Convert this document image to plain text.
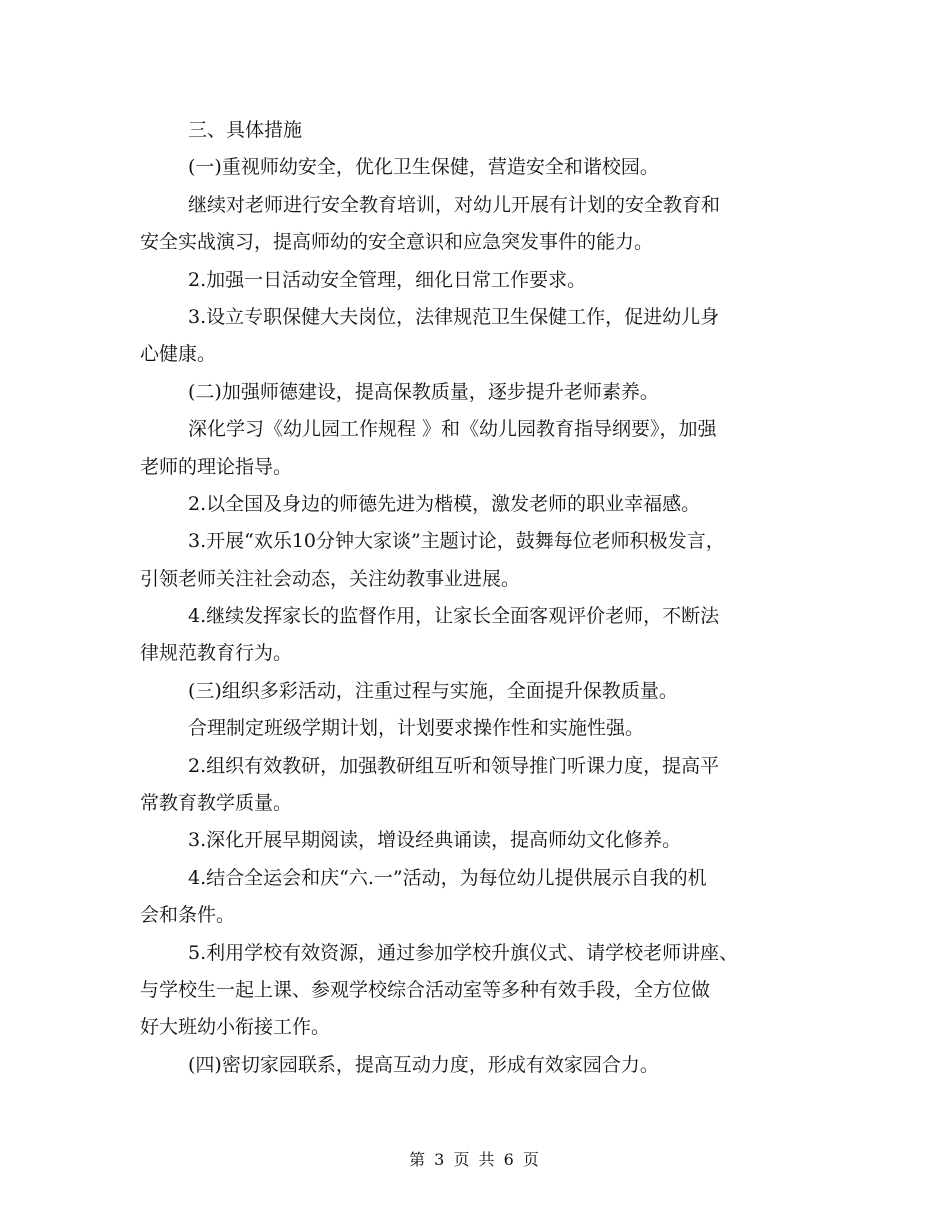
三、具体措施
(一)重视师幼安全，优化卫生保健，营造安全和谐校园。
继续对老师进行安全教育培训，对幼儿开展有计划的安全教育和
安全实战演习，提高师幼的安全意识和应急突发事件的能力。
2.加强一日活动安全管理，细化日常工作要求。
3.设立专职保健大夫岗位，法律规范卫生保健工作，促进幼儿身
心健康。
(二)加强师德建设，提高保教质量，逐步提升老师素养。
深化学习《幼儿园工作规程 》和《幼儿园教育指导纲要》，加强
老师的理论指导。
2.以全国及身边的师德先进为楷模，激发老师的职业幸福感。
3.开展“欢乐10分钟大家谈”主题讨论，鼓舞每位老师积极发言，
引领老师关注社会动态，关注幼教事业进展。
4.继续发挥家长的监督作用，让家长全面客观评价老师，不断法
律规范教育行为。
(三)组织多彩活动，注重过程与实施，全面提升保教质量。
合理制定班级学期计划，计划要求操作性和实施性强。
2.组织有效教研，加强教研组互听和领导推门听课力度，提高平
常教育教学质量。
3.深化开展早期阅读，增设经典诵读，提高师幼文化修养。
4.结合全运会和庆“六.一”活动，为每位幼儿提供展示自我的机
会和条件。
5.利用学校有效资源，通过参加学校升旗仪式、请学校老师讲座、
与学校生一起上课、参观学校综合活动室等多种有效手段，全方位做
好大班幼小衔接工作。
(四)密切家园联系，提高互动力度，形成有效家园合力。
第 3 页 共 6 页
